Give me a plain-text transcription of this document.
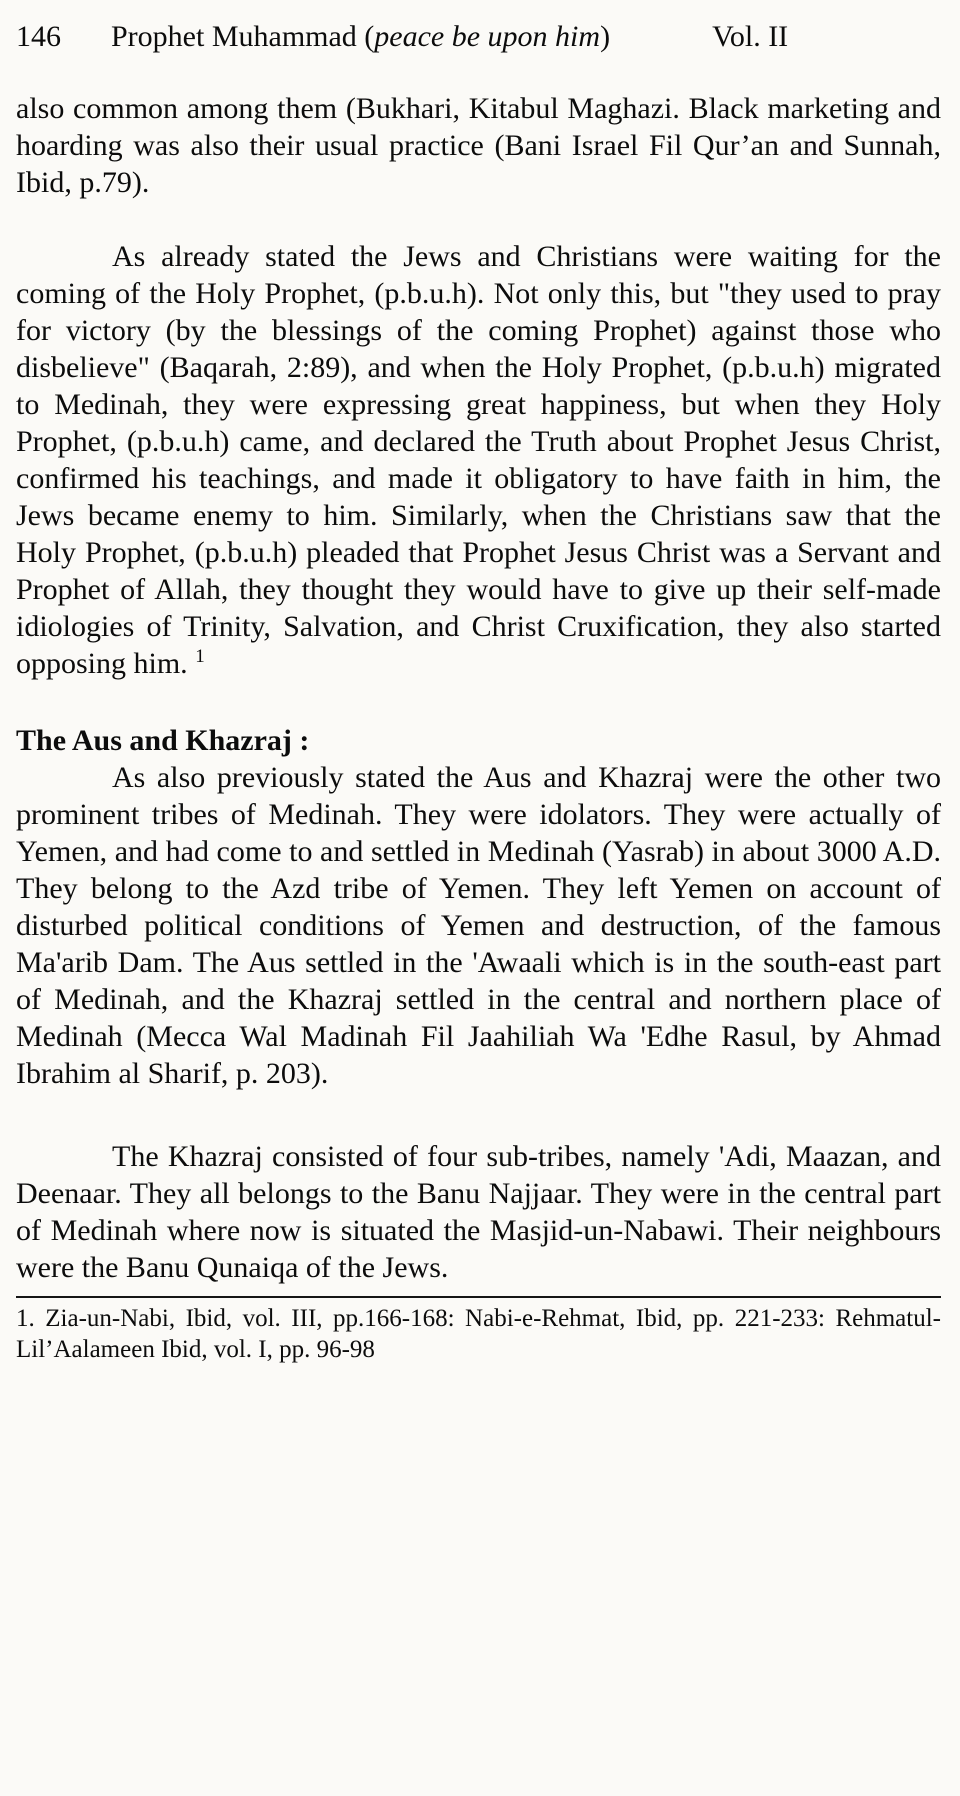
146 Prophet Muhammad (peace be upon him)	Vol. II

also common among them (Bukhari, Kitabul Maghazi. Black marketing and hoarding was also their usual practice (Bani Israel Fil Qur’an and Sunnah, Ibid, p.79).

As already stated the Jews and Christians were waiting for the coming of the Holy Prophet, (p.b.u.h). Not only this, but "they used to pray for victory (by the blessings of the coming Prophet) against those who disbelieve" (Baqarah, 2:89), and when the Holy Prophet, (p.b.u.h) migrated to Medinah, they were expressing great happiness, but when they Holy Prophet, (p.b.u.h) came, and declared the Truth about Prophet Jesus Christ, confirmed his teachings, and made it obligatory to have faith in him, the Jews became enemy to him. Similarly, when the Christians saw that the Holy Prophet, (p.b.u.h) pleaded that Prophet Jesus Christ was a Servant and Prophet of Allah, they thought they would have to give up their self-made idiologies of Trinity, Salvation, and Christ Cruxification, they also started opposing him. $^1$

The Aus and Khazraj :

As also previously stated the Aus and Khazraj were the other two prominent tribes of Medinah. They were idolators. They were actually of Yemen, and had come to and settled in Medinah (Yasrab) in about 3000 A.D. They belong to the Azd tribe of Yemen. They left Yemen on account of disturbed political conditions of Yemen and destruction, of the famous Ma'arib Dam. The Aus settled in the 'Awaali which is in the south-east part of Medinah, and the Khazraj settled in the central and northern place of Medinah (Mecca Wal Madinah Fil Jaahiliah Wa 'Edhe Rasul, by Ahmad Ibrahim al Sharif, p. 203).

The Khazraj consisted of four sub-tribes, namely 'Adi, Maazan, and Deenaar. They all belongs to the Banu Najjaar. They were in the central part of Medinah where now is situated the Masjid-un-Nabawi. Their neighbours were the Banu Qunaiqa of the Jews.

1. Zia-un-Nabi, Ibid, vol. III, pp.166-168: Nabi-e-Rehmat, Ibid, pp. 221-233: Rehmatul-Lil’Aalameen Ibid, vol. I, pp. 96-98
